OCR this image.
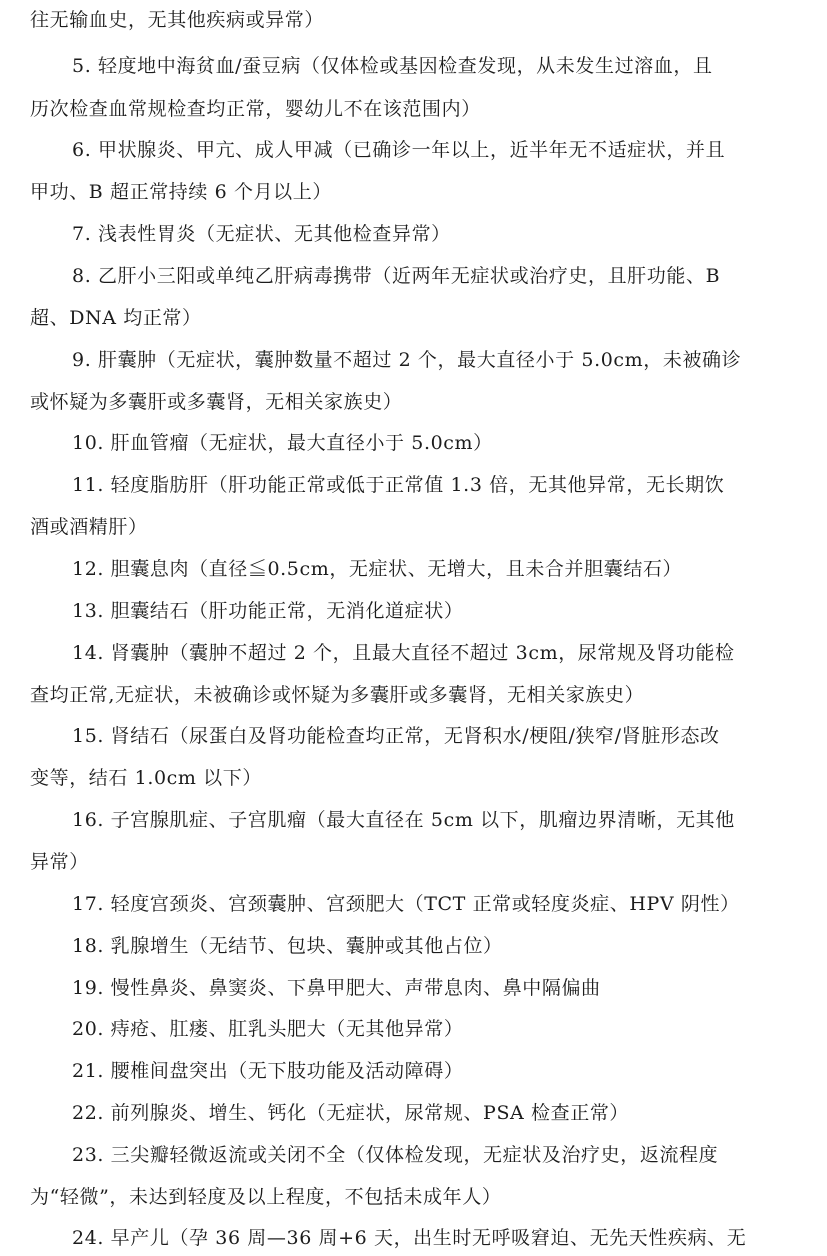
往无输血史，无其他疾病或异常）
5. 轻度地中海贫血/蚕豆病（仅体检或基因检查发现，从未发生过溶血，且
历次检查血常规检查均正常，婴幼儿不在该范围内）
6. 甲状腺炎、甲亢、成人甲减（已确诊一年以上，近半年无不适症状，并且
甲功、B 超正常持续 6 个月以上）
7. 浅表性胃炎（无症状、无其他检查异常）
8. 乙肝小三阳或单纯乙肝病毒携带（近两年无症状或治疗史，且肝功能、B
超、DNA 均正常）
9. 肝囊肿（无症状，囊肿数量不超过 2 个，最大直径小于 5.0cm，未被确诊
或怀疑为多囊肝或多囊肾，无相关家族史）
10. 肝血管瘤（无症状，最大直径小于 5.0cm）
11. 轻度脂肪肝（肝功能正常或低于正常值 1.3 倍，无其他异常，无长期饮
酒或酒精肝）
12. 胆囊息肉（直径≦0.5cm，无症状、无增大，且未合并胆囊结石）
13. 胆囊结石（肝功能正常，无消化道症状）
14. 肾囊肿（囊肿不超过 2 个，且最大直径不超过 3cm，尿常规及肾功能检
查均正常,无症状，未被确诊或怀疑为多囊肝或多囊肾，无相关家族史）
15. 肾结石（尿蛋白及肾功能检查均正常，无肾积水/梗阻/狭窄/肾脏形态改
变等，结石 1.0cm 以下）
16. 子宫腺肌症、子宫肌瘤（最大直径在 5cm 以下，肌瘤边界清晰，无其他
异常）
17. 轻度宫颈炎、宫颈囊肿、宫颈肥大（TCT 正常或轻度炎症、HPV 阴性）
18. 乳腺增生（无结节、包块、囊肿或其他占位）
19. 慢性鼻炎、鼻窦炎、下鼻甲肥大、声带息肉、鼻中隔偏曲
20. 痔疮、肛瘘、肛乳头肥大（无其他异常）
21. 腰椎间盘突出（无下肢功能及活动障碍）
22. 前列腺炎、增生、钙化（无症状，尿常规、PSA 检查正常）
23. 三尖瓣轻微返流或关闭不全（仅体检发现，无症状及治疗史，返流程度
为“轻微”，未达到轻度及以上程度，不包括未成年人）
24. 早产儿（孕 36 周—36 周+6 天，出生时无呼吸窘迫、无先天性疾病、无
